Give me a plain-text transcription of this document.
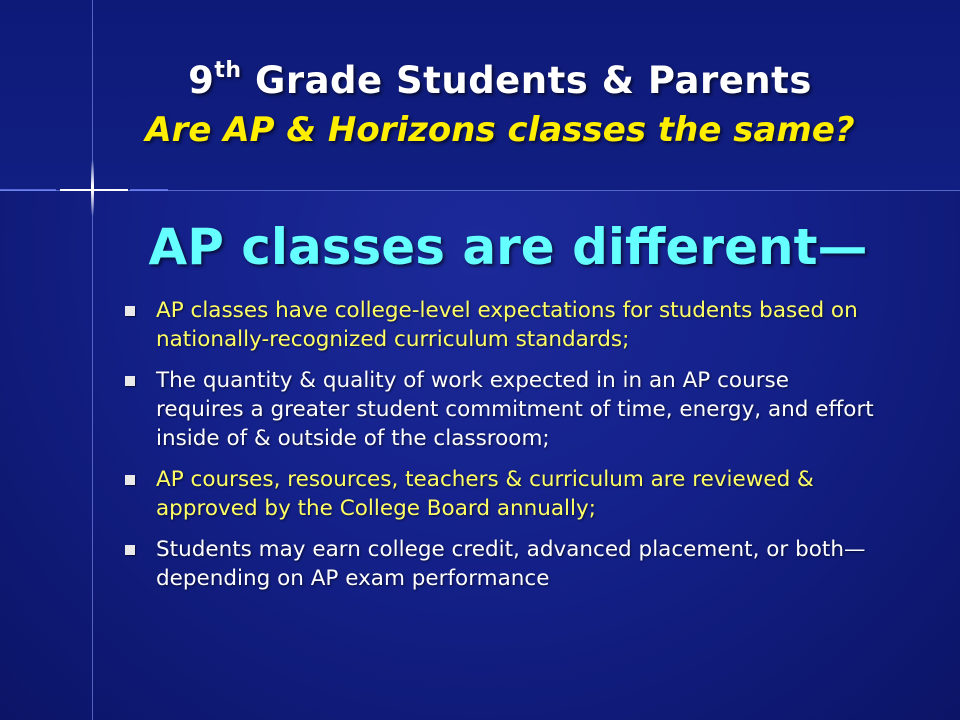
9th Grade Students & Parents
Are AP & Horizons classes the same?
AP classes are different—
AP classes have college-level expectations for students based on nationally-recognized curriculum standards;
The quantity & quality of work expected in in an AP course requires a greater student commitment of time, energy, and effort inside of & outside of the classroom;
AP courses, resources, teachers & curriculum are reviewed & approved by the College Board annually;
Students may earn college credit, advanced placement, or both—depending on AP exam performance
